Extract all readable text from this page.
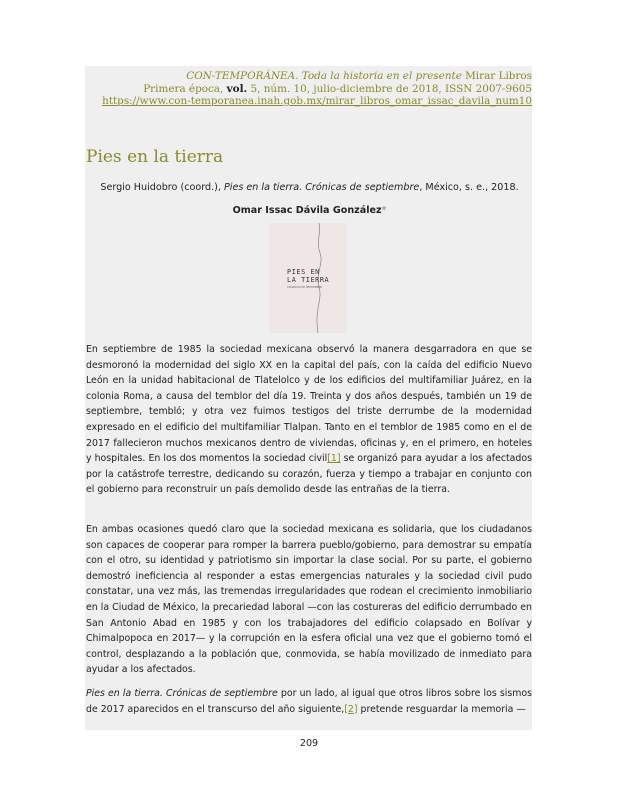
CON-TEMPORÁNEA. Toda la historia en el presente Mirar Libros
Primera época, vol. 5, núm. 10, julio-diciembre de 2018, ISSN 2007-9605
https://www.con-temporanea.inah.gob.mx/mirar_libros_omar_issac_davila_num10
Pies en la tierra
Sergio Huidobro (coord.), Pies en la tierra. Crónicas de septiembre, México, s. e., 2018.
Omar Issac Dávila González*
PIES EN
LA TIERRA
CRÓNICAS DE SEPTIEMBRE

En septiembre de 1985 la sociedad mexicana observó la manera desgarradora en que se desmoronó la modernidad del siglo XX en la capital del país, con la caída del edificio Nuevo León en la unidad habitacional de Tlatelolco y de los edificios del multifamiliar Juárez, en la colonia Roma, a causa del temblor del día 19. Treinta y dos años después, también un 19 de septiembre, tembló; y otra vez fuimos testigos del triste derrumbe de la modernidad expresado en el edificio del multifamiliar Tlalpan. Tanto en el temblor de 1985 como en el de 2017 fallecieron muchos mexicanos dentro de viviendas, oficinas y, en el primero, en hoteles y hospitales. En los dos momentos la sociedad civil[1] se organizó para ayudar a los afectados por la catástrofe terrestre, dedicando su corazón, fuerza y tiempo a trabajar en conjunto con el gobierno para reconstruir un país demolido desde las entrañas de la tierra.

En ambas ocasiones quedó claro que la sociedad mexicana es solidaria, que los ciudadanos son capaces de cooperar para romper la barrera pueblo/gobierno, para demostrar su empatía con el otro, su identidad y patriotismo sin importar la clase social. Por su parte, el gobierno demostró ineficiencia al responder a estas emergencias naturales y la sociedad civil pudo constatar, una vez más, las tremendas irregularidades que rodean el crecimiento inmobiliario en la Ciudad de México, la precariedad laboral —con las costureras del edificio derrumbado en San Antonio Abad en 1985 y con los trabajadores del edificio colapsado en Bolívar y Chimalpopoca en 2017— y la corrupción en la esfera oficial una vez que el gobierno tomó el control, desplazando a la población que, conmovida, se había movilizado de inmediato para ayudar a los afectados.

Pies en la tierra. Crónicas de septiembre por un lado, al igual que otros libros sobre los sismos de 2017 aparecidos en el transcurso del año siguiente,[2] pretende resguardar la memoria —

209
